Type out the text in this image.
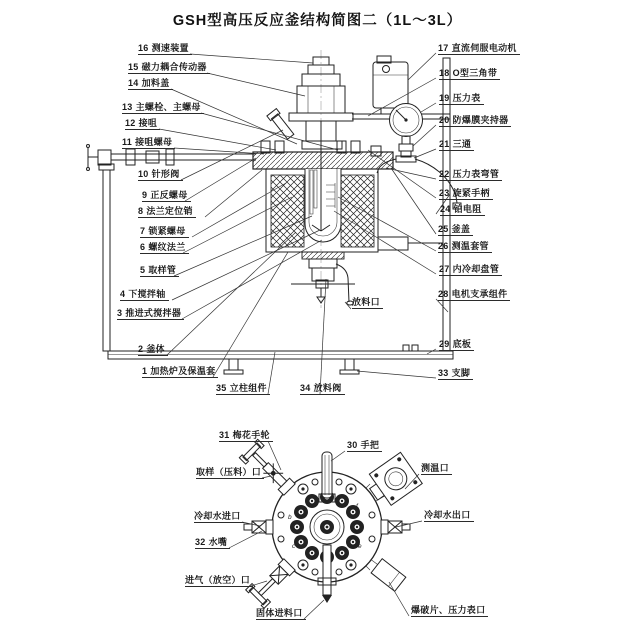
GSH型高压反应釜结构简图二（1L～3L）
16 测速装置
15 磁力耦合传动器
14 加料盖
13 主螺栓、主螺母
12 接咀
11 接咀螺母
10 针形阀
9 正反螺母
8 法兰定位销
7 锁紧螺母
6 螺纹法兰
5 取样管
4 下搅拌轴
3 推进式搅拌器
2 釜体
1 加热炉及保温套
17 直流伺服电动机
18 O型三角带
19 压力表
20 防爆膜夹持器
21 三通
22 压力表弯管
23 旋紧手柄
24 铂电阻
25 釜盖
26 测温套管
27 内冷却盘管
28 电机支承组件
29 底板
33 支脚
35 立柱组件	34 放料阀
放料口
31 梅花手轮
30 手把
取样（压料）口	测温口
冷却水进口	冷却水出口
32 水嘴
进气（放空）口
固体进料口	爆破片、压力表口
b
c	e
f
